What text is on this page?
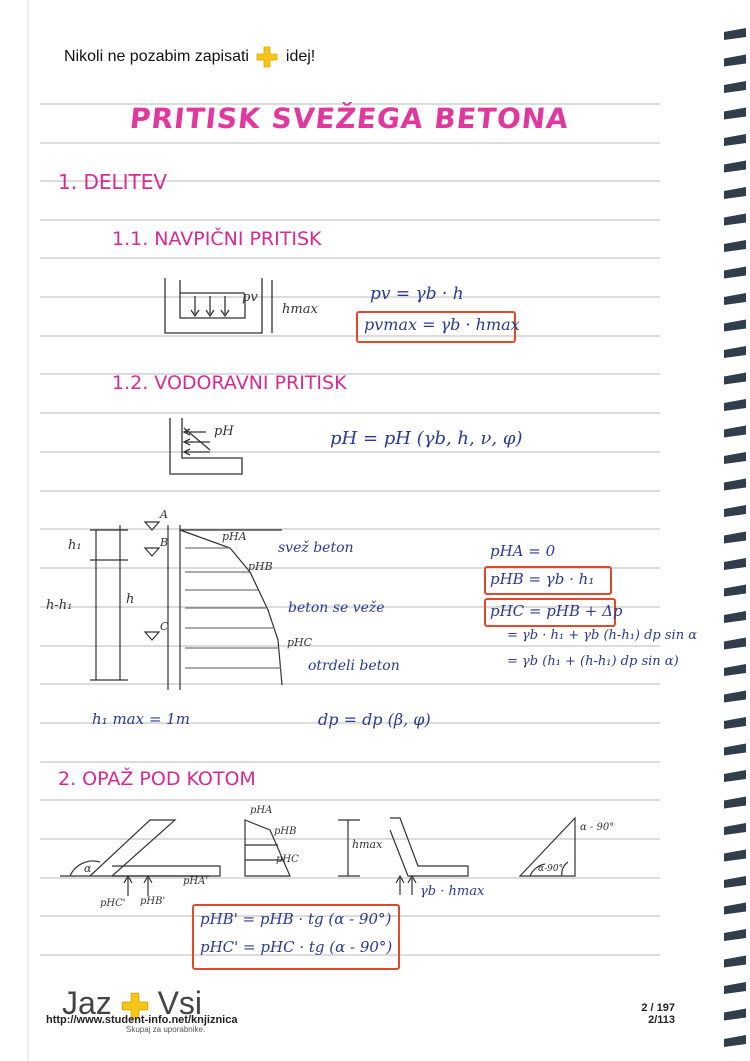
Nikoli ne pozabim zapisati idej!
PRITISK SVEŽEGA BETONA
1. DELITEV
1.1. NAVPIČNI PRITISK
pv
hmax
pv = γb · h
pvmax = γb · hmax
1.2. VODORAVNI PRITISK
pH	pH = pH (γb, h, ν, φ)
A
B
C
h₁
h-h₁	h
pHA
pHB
pHC
svež beton
beton se veže
otrdeli beton
pHA = 0
pHB = γb · h₁
pHC = pHB + Δp
= γb · h₁ + γb (h-h₁) dp sin α
= γb (h₁ + (h-h₁) dp sin α)
h₁ max = 1m	dp = dp (β, φ)
2. OPAŽ POD KOTOM
α
pHA'
pHC' pHB'
pHA
pHB
pHC
hmax
γb · hmax
α - 90°
α-90°
pHB' = pHB · tg (α - 90°)
pHC' = pHC · tg (α - 90°)
Jaz Vsi
http://www.student-info.net/knjiznica
Skupaj za uporabnike.
2 / 197
2/113
